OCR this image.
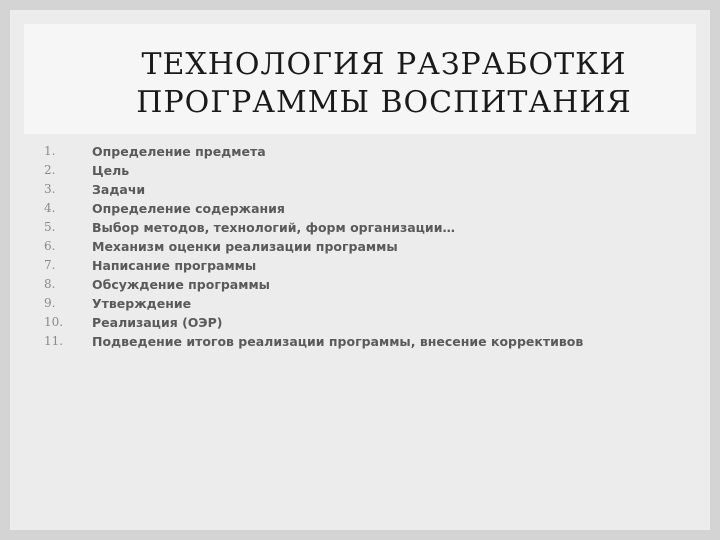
ТЕХНОЛОГИЯ РАЗРАБОТКИ
ПРОГРАММЫ ВОСПИТАНИЯ
1.	Определение предмета
2.	Цель
3.	Задачи
4.	Определение содержания
5.	Выбор методов, технологий, форм организации…
6.	Механизм оценки реализации программы
7.	Написание программы
8.	Обсуждение программы
9.	Утверждение
10.	Реализация (ОЭР)
11.	Подведение итогов реализации программы, внесение коррективов
